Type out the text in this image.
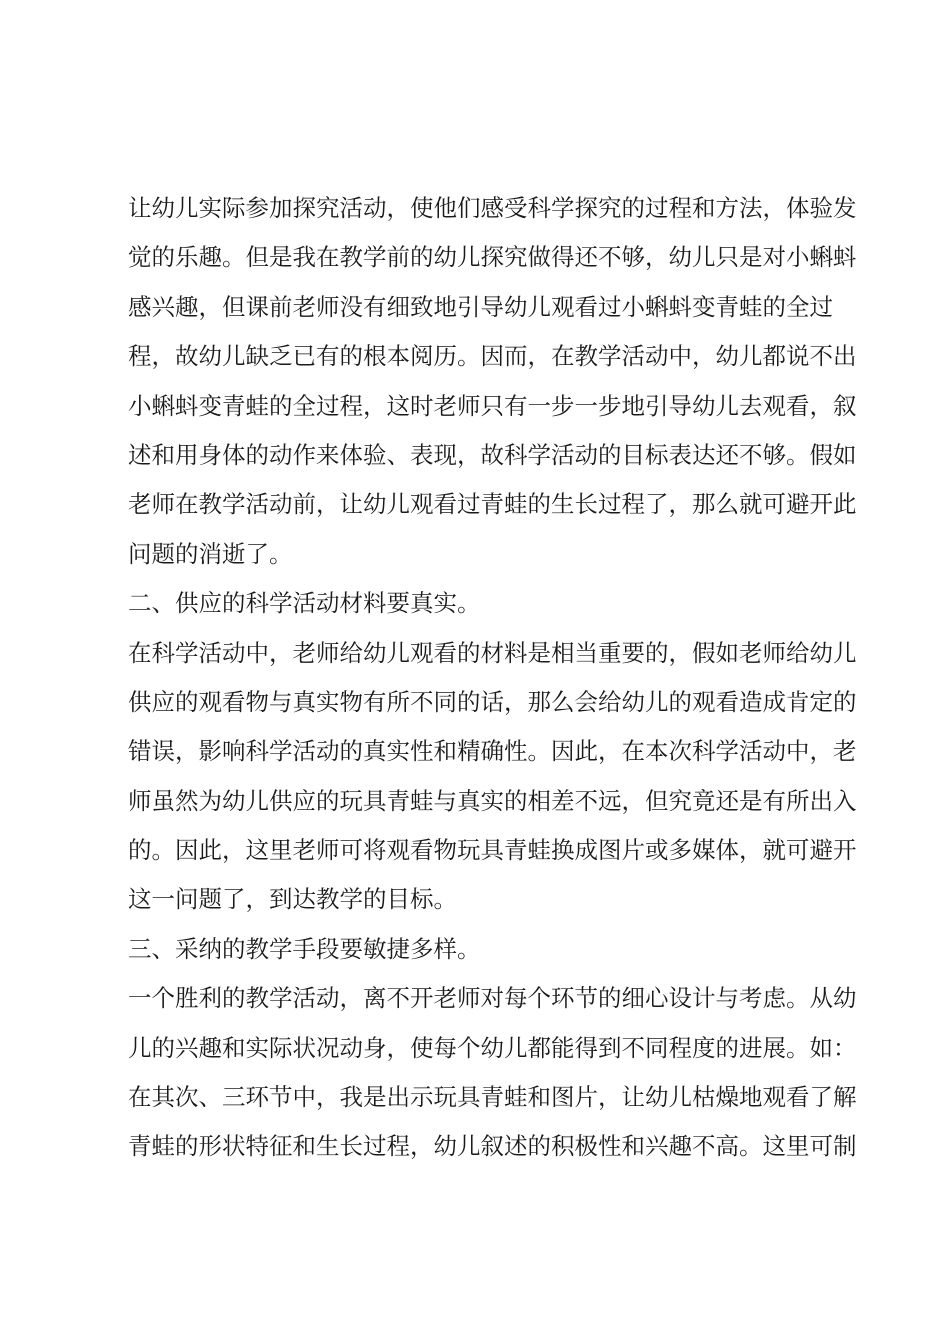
让幼儿实际参加探究活动，使他们感受科学探究的过程和方法，体验发
觉的乐趣。但是我在教学前的幼儿探究做得还不够，幼儿只是对小蝌蚪
感兴趣，但课前老师没有细致地引导幼儿观看过小蝌蚪变青蛙的全过
程，故幼儿缺乏已有的根本阅历。因而，在教学活动中，幼儿都说不出
小蝌蚪变青蛙的全过程，这时老师只有一步一步地引导幼儿去观看，叙
述和用身体的动作来体验、表现，故科学活动的目标表达还不够。假如
老师在教学活动前，让幼儿观看过青蛙的生长过程了，那么就可避开此
问题的消逝了。
二、供应的科学活动材料要真实。
在科学活动中，老师给幼儿观看的材料是相当重要的，假如老师给幼儿
供应的观看物与真实物有所不同的话，那么会给幼儿的观看造成肯定的
错误，影响科学活动的真实性和精确性。因此，在本次科学活动中，老
师虽然为幼儿供应的玩具青蛙与真实的相差不远，但究竟还是有所出入
的。因此，这里老师可将观看物玩具青蛙换成图片或多媒体，就可避开
这一问题了，到达教学的目标。
三、采纳的教学手段要敏捷多样。
一个胜利的教学活动，离不开老师对每个环节的细心设计与考虑。从幼
儿的兴趣和实际状况动身，使每个幼儿都能得到不同程度的进展。如：
在其次、三环节中，我是出示玩具青蛙和图片，让幼儿枯燥地观看了解
青蛙的形状特征和生长过程，幼儿叙述的积极性和兴趣不高。这里可制
